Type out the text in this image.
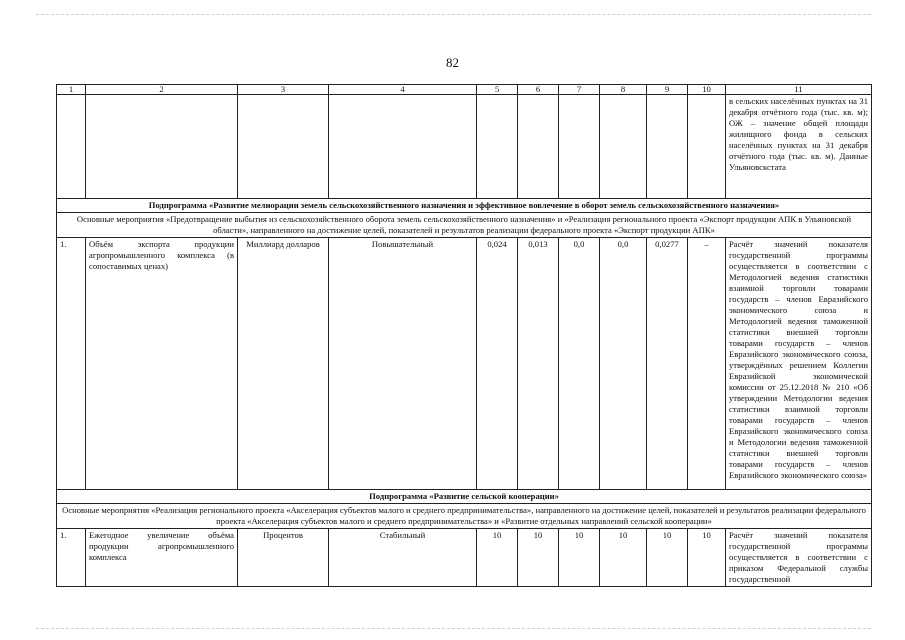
82
1	2	3	4	5	6	7	8	9	10	11
										в сельских населённых пунктах на 31 декабря отчётного года (тыс. кв. м); ОЖ – значение общей площади жилищного фонда в сельских населённых пунктах на 31 декабря отчётного года (тыс. кв. м). Данные Ульяновскстата
Подпрограмма «Развитие мелиорации земель сельскохозяйственного назначения и эффективное вовлечение в оборот земель сельскохозяйственного назначения»										
Основные мероприятия «Предотвращение выбытия из сельскохозяйственного оборота земель сельскохозяйственного назначения» и «Реализация регионального проекта «Экспорт продукции АПК в Ульяновской области», направленного на достижение целей, показателей и результатов реализации федерального проекта «Экспорт продукции АПК»										
1.	Объём экспорта продукции агропромышленного комплекса (в сопоставимых ценах)	Миллиард долларов	Повышательный	0,024	0,013	0,0	0,0	0,0277	–	Расчёт значений показателя государственной программы осуществляется в соответствии с Методологией ведения статистики взаимной торговли товарами государств – членов Евразийского экономического союза и Методологией ведения таможенной статистики внешней торговли товарами государств – членов Евразийского экономического союза, утверждённых решением Коллегии Евразийской экономической комиссии от 25.12.2018 № 210 «Об утверждении Методологии ведения статистики взаимной торговли товарами государств – членов Евразийского экономического союза и Методологии ведения таможенной статистики внешней торговли товарами государств – членов Евразийского экономического союза»
Подпрограмма «Развитие сельской кооперации»										
Основные мероприятия «Реализация регионального проекта «Акселерация субъектов малого и среднего предпринимательства», направленного на достижение целей, показателей и результатов реализации федерального проекта «Акселерация субъектов малого и среднего предпринимательства» и «Развитие отдельных направлений сельской кооперации»										
1.	Ежегодное увеличение объёма продукции агропромышленного комплекса	Процентов	Стабильный	10	10	10	10	10	10	Расчёт значений показателя государственной программы осуществляется в соответствии с приказом Федеральной службы государственной
